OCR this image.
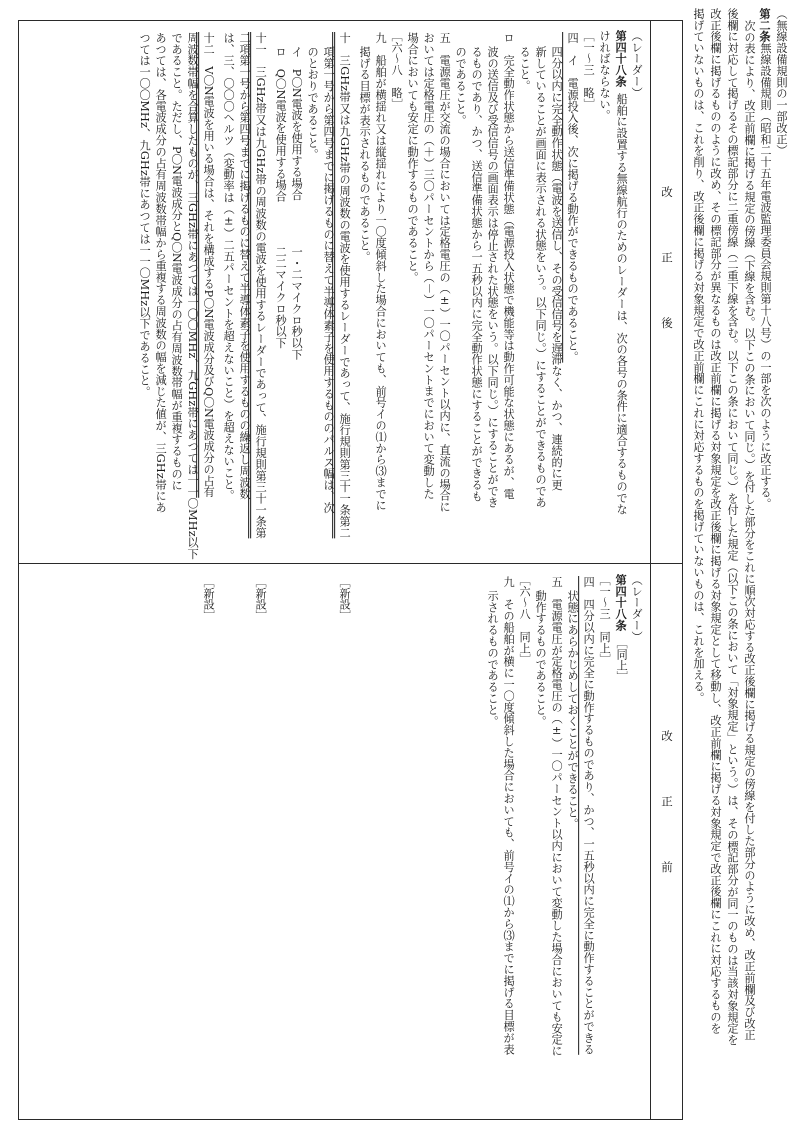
（無線設備規則の一部改正）
第二条無線設備規則（昭和二十五年電波監理委員会規則第十八号）の一部を次のように改正する。
次の表により、改正前欄に掲げる規定の傍線（下線を含む。以下この条において同じ。）を付した部分をこれに順次対応する改正後欄に掲げる規定の傍線を付した部分のように改め、改正前欄及び改正
後欄に対応して掲げるその標記部分に二重傍線（二重下線を含む。以下この条において同じ。）を付した規定（以下この条において「対象規定」という。）は、その標記部分が同一のものは当該対象規定を
改正後欄に掲げるもののように改め、その標記部分が異なるものは改正前欄に掲げる対象規定を改正後欄に掲げる対象規定として移動し、改正前欄に掲げる対象規定で改正後欄にこれに対応するものを
掲げていないものは、これを削り、改正後欄に掲げる対象規定で改正前欄にこれに対応するものを掲げていないものは、これを加える。
改正後
改正前
（レーダー）
第四十八条船舶に設置する無線航行のためのレーダーは、次の各号の条件に適合するものでな
ければならない。
［一～三　略］
四　イ　電源投入後、次に掲げる動作ができるものであること。
四分以内に完全動作状態（電波を送信し、その受信信号を遅滞なく、かつ、連続的に更
新していることが画面に表示される状態をいう。以下同じ。）にすることができるものであ
ること。
ロ　完全動作状態から送信準備状態（電源投入状態で機能等は動作可能な状態にあるが、電
波の送信及び受信信号の画面表示は停止された状態をいう。以下同じ。）にすることができ
るものであり、かつ、送信準備状態から一五秒以内に完全動作状態にすることができるも
のであること。
五　電源電圧が交流の場合においては定格電圧の（±）一〇パーセント以内に、直流の場合に
おいては定格電圧の（＋）三〇パーセントから（－）一〇パーセントまでにおいて変動した
場合においても安定に動作するものであること。
［六～八　略］
九　船舶が横揺れ又は縦揺れにより一〇度傾斜した場合においても、前号イの⑴から⑶までに
掲げる目標が表示されるものであること。
十　三GHz帯又は九GHz帯の周波数の電波を使用するレーダーであって、施行規則第三十一条第二
項第一号から第四号までに掲げるものに替えて半導体素子を使用するもののパルス幅は、次
のとおりであること。
イ　P〇N電波を使用する場合
一・二マイクロ秒以下
ロ　Q〇N電波を使用する場合
二二マイクロ秒以下
十一　三GHz帯又は九GHz帯の周波数の電波を使用するレーダーであって、施行規則第三十一条第
二項第一号から第四号までに掲げるものに替えて半導体素子を使用するものの繰返し周波数
は、三、〇〇〇ヘルツ（変動率は（±）二五パーセントを超えないこと）を超えないこと。
十二　V〇N電波を用いる場合は、それを構成するP〇N電波成分及びQ〇N電波成分の占有
周波数帯幅を合算したものが、三GHz帯にあつては一〇〇MHz、九GHz帯にあつては一一〇MHz以下
であること。ただし、P〇N電波成分とQ〇N電波成分の占有周波数帯幅が重複するものに
あつては、各電波成分の占有周波数帯幅から重複する周波数の幅を減じた値が、三GHz帯にあ
つては一〇〇MHz、九GHz帯にあつては一一〇MHz以下であること。
（レーダー）
第四十八条［同上］
［一～三　同上］
四　四分以内に完全に動作するものであり、かつ、一五秒以内に完全に動作することができる
状態にあらかじめしておくことができること。
五　電源電圧が定格電圧の（±）一〇パーセント以内において変動した場合においても安定に
動作するものであること。
［六～八　同上］
九　その船舶が横に一〇度傾斜した場合においても、前号イの⑴から⑶までに掲げる目標が表
示されるものであること。
［新設］
［新設］
［新設］
